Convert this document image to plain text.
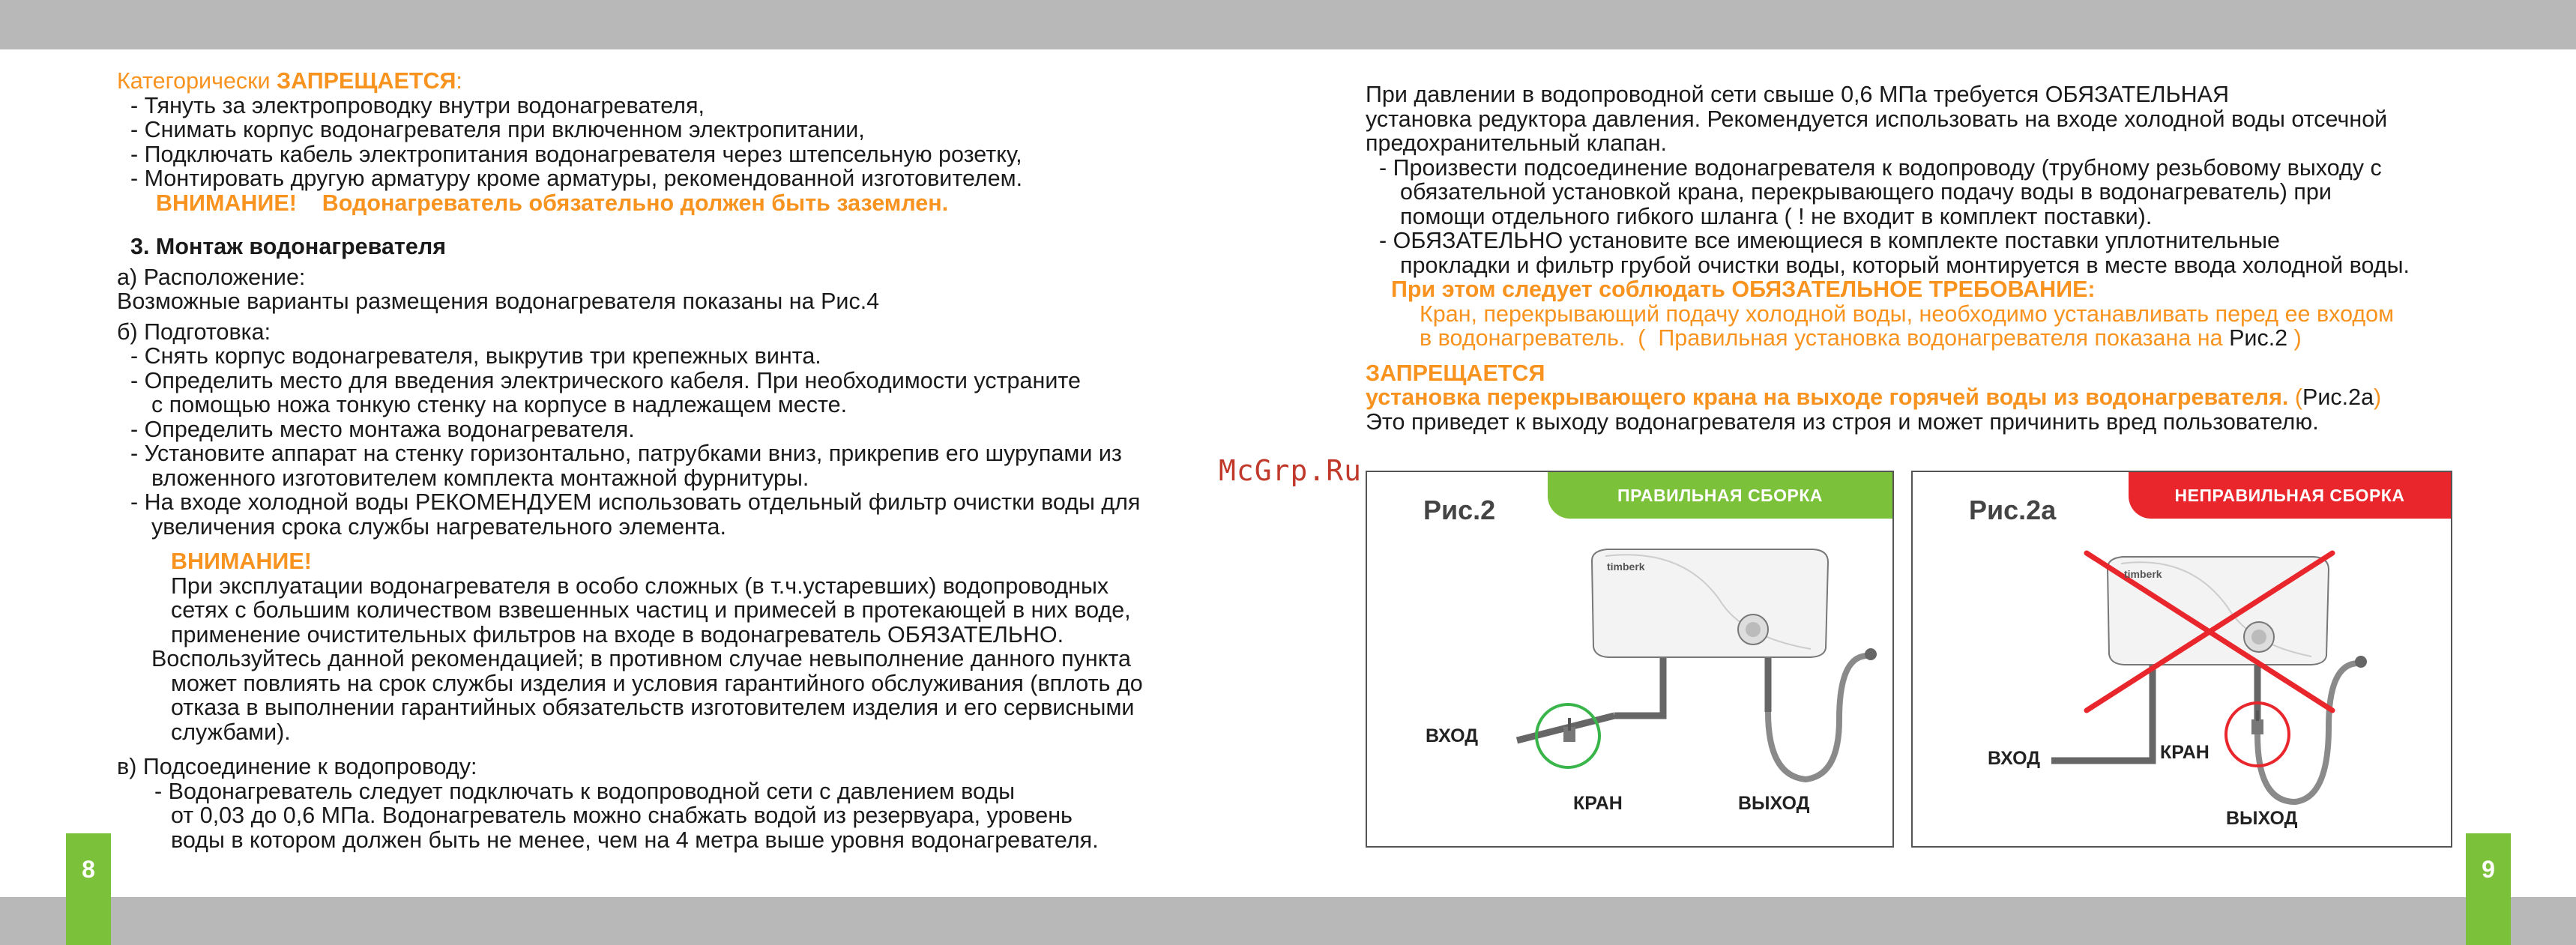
8	9
McGrp.Ru
Категорически ЗАПРЕЩАЕТСЯ:
- Тянуть за электропроводку внутри водонагревателя,
- Снимать корпус водонагревателя при включенном электропитании,
- Подключать кабель электропитания водонагревателя через штепсельную розетку,
- Монтировать другую арматуру кроме арматуры, рекомендованной изготовителем.
ВНИМАНИЕ!    Водонагреватель обязательно должен быть заземлен.
3. Монтаж водонагревателя
а) Расположение:
Возможные варианты размещения водонагревателя показаны на Рис.4
б) Подготовка:
- Снять корпус водонагревателя, выкрутив три крепежных винта.
- Определить место для введения электрического кабеля. При необходимости устраните
с помощью ножа тонкую стенку на корпусе в надлежащем месте.
- Определить место монтажа водонагревателя.
- Установите аппарат на стенку горизонтально, патрубками вниз, прикрепив его шурупами из
вложенного изготовителем комплекта монтажной фурнитуры.
- На входе холодной воды РЕКОМЕНДУЕМ использовать отдельный фильтр очистки воды для
увеличения срока службы нагревательного элемента.
ВНИМАНИЕ!
При эксплуатации водонагревателя в особо сложных (в т.ч.устаревших) водопроводных
сетях с большим количеством взвешенных частиц и примесей в протекающей в них воде,
применение очистительных фильтров на входе в водонагреватель ОБЯЗАТЕЛЬНО.
Воспользуйтесь данной рекомендацией; в противном случае невыполнение данного пункта
может повлиять на срок службы изделия и условия гарантийного обслуживания (вплоть до
отказа в выполнении гарантийных обязательств изготовителем изделия и его сервисными
службами).
в) Подсоединение к водопроводу:
- Водонагреватель следует подключать к водопроводной сети с давлением воды
от 0,03 до 0,6 МПа. Водонагреватель можно снабжать водой из резервуара, уровень
воды в котором должен быть не менее, чем на 4 метра выше уровня водонагревателя.
При давлении в водопроводной сети свыше 0,6 МПа требуется ОБЯЗАТЕЛЬНАЯ
установка редуктора давления. Рекомендуется использовать на входе холодной воды отсечной
предохранительный клапан.
- Произвести подсоединение водонагревателя к водопроводу (трубному резьбовому выходу с
обязательной установкой крана, перекрывающего подачу воды в водонагреватель) при
помощи отдельного гибкого шланга ( ! не входит в комплект поставки).
- ОБЯЗАТЕЛЬНО установите все имеющиеся в комплекте поставки уплотнительные
прокладки и фильтр грубой очистки воды, который монтируется в месте ввода холодной воды.
При этом следует соблюдать ОБЯЗАТЕЛЬНОЕ ТРЕБОВАНИЕ:
Кран, перекрывающий подачу холодной воды, необходимо устанавливать перед ее входом
в водонагреватель.  (  Правильная установка водонагревателя показана на Рис.2 )
ЗАПРЕЩАЕТСЯ
установка перекрывающего крана на выходе горячей воды из водонагревателя. (Рис.2а)
Это приведет к выходу водонагревателя из строя и может причинить вред пользователю.
ПРАВИЛЬНАЯ СБОРКА
Рис.2
timberk
ВХОД
КРАН	ВЫХОД
НЕПРАВИЛЬНАЯ СБОРКА
Рис.2а
timberk
ВХОД	КРАН
ВЫХОД
